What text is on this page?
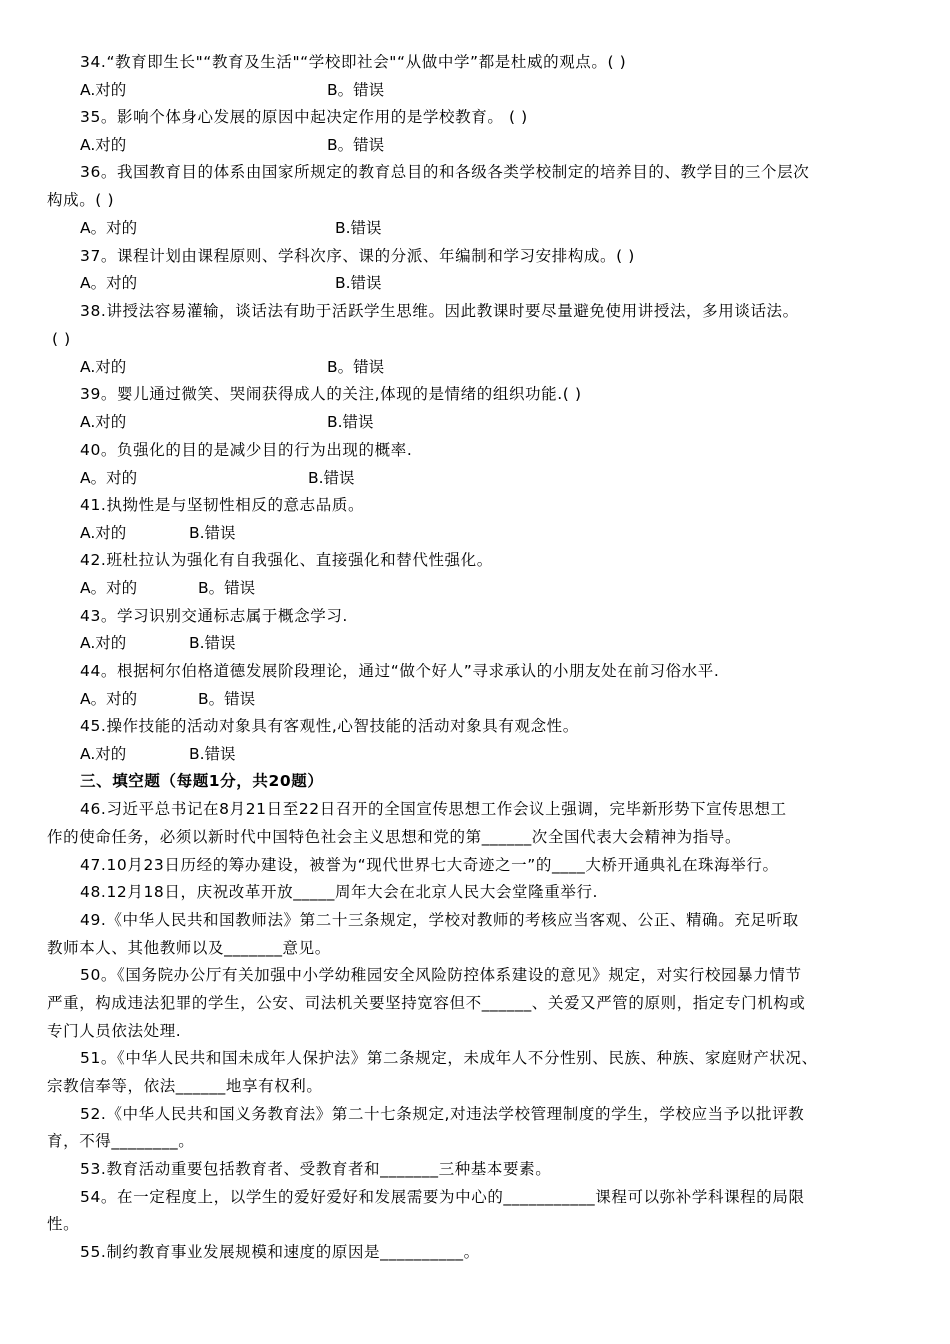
34.“教育即生长"“教育及生活"“学校即社会"“从做中学”都是杜威的观点。( )
A.对的	B。错误
35。影响个体身心发展的原因中起决定作用的是学校教育。 ( )
A.对的	B。错误
36。我国教育目的体系由国家所规定的教育总目的和各级各类学校制定的培养目的、教学目的三个层次
构成。( )
A。对的	B.错误
37。课程计划由课程原则、学科次序、课的分派、年编制和学习安排构成。( )
A。对的	B.错误
38.讲授法容易灌输，谈话法有助于活跃学生思维。因此教课时要尽量避免使用讲授法，多用谈话法。
( )
A.对的	B。错误
39。婴儿通过微笑、哭闹获得成人的关注,体现的是情绪的组织功能.( )
A.对的	B.错误
40。负强化的目的是减少目的行为出现的概率.
A。对的	B.错误
41.执拗性是与坚韧性相反的意志品质。
A.对的	B.错误
42.班杜拉认为强化有自我强化、直接强化和替代性强化。
A。对的	B。错误
43。学习识别交通标志属于概念学习.
A.对的	B.错误
44。根据柯尔伯格道德发展阶段理论，通过“做个好人”寻求承认的小朋友处在前习俗水平.
A。对的	B。错误
45.操作技能的活动对象具有客观性,心智技能的活动对象具有观念性。
A.对的	B.错误
三、填空题（每题1分，共20题）
46.习近平总书记在8月21日至22日召开的全国宣传思想工作会议上强调，完毕新形势下宣传思想工
作的使命任务，必须以新时代中国特色社会主义思想和党的第______次全国代表大会精神为指导。
47.10月23日历经的筹办建设，被誉为“现代世界七大奇迹之一”的____大桥开通典礼在珠海举行。
48.12月18日，庆祝改革开放_____周年大会在北京人民大会堂隆重举行.
49.《中华人民共和国教师法》第二十三条规定，学校对教师的考核应当客观、公正、精确。充足听取
教师本人、其他教师以及_______意见。
50。《国务院办公厅有关加强中小学幼稚园安全风险防控体系建设的意见》规定，对实行校园暴力情节
严重，构成违法犯罪的学生，公安、司法机关要坚持宽容但不______、关爱又严管的原则，指定专门机构或
专门人员依法处理.
51。《中华人民共和国未成年人保护法》第二条规定，未成年人不分性别、民族、种族、家庭财产状况、
宗教信奉等，依法______地享有权利。
52.《中华人民共和国义务教育法》第二十七条规定,对违法学校管理制度的学生，学校应当予以批评教
育，不得________。
53.教育活动重要包括教育者、受教育者和_______三种基本要素。
54。在一定程度上，以学生的爱好爱好和发展需要为中心的___________课程可以弥补学科课程的局限
性。
55.制约教育事业发展规模和速度的原因是__________。
